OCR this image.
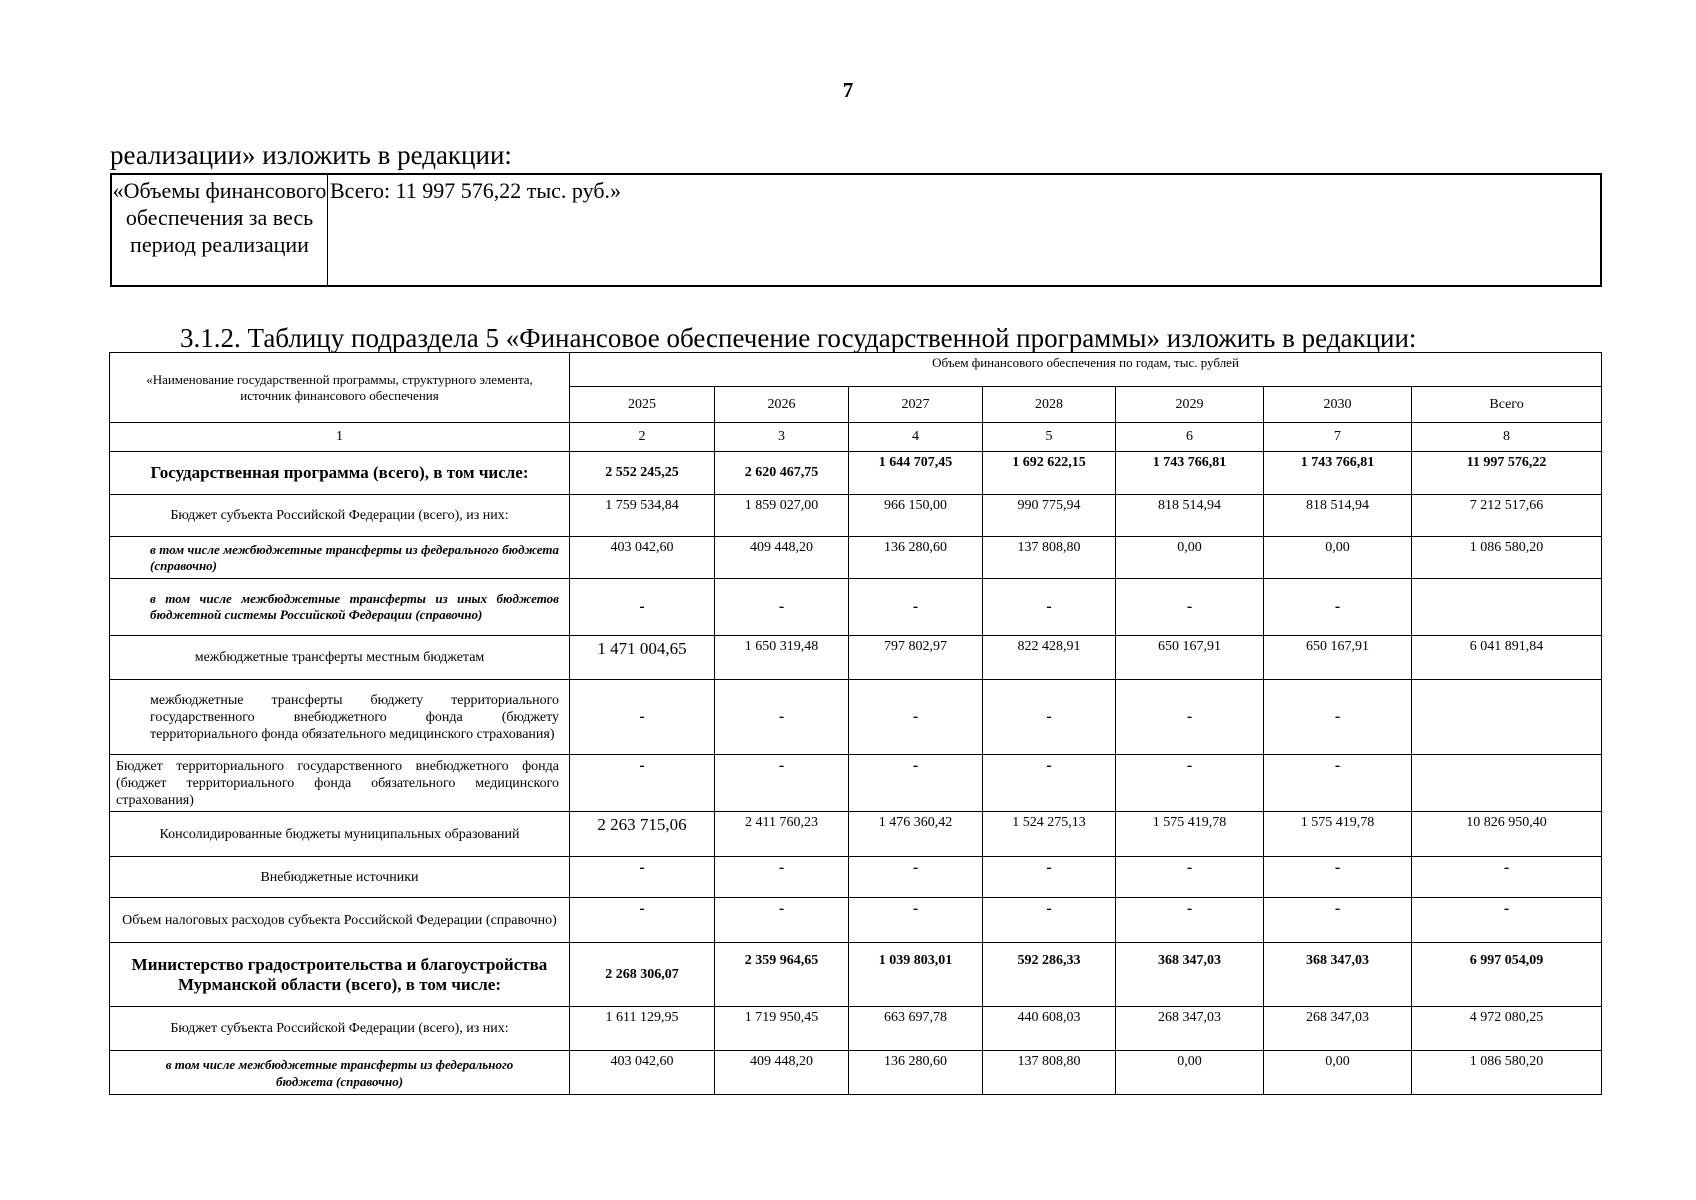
7
реализации» изложить в редакции:
«Объемы финансового обеспечения за весь период реализации	Всего: 11 997 576,22 тыс. руб.»
3.1.2. Таблицу подраздела 5 «Финансовое обеспечение государственной программы» изложить в редакции:
«Наименование государственной программы, структурного элемента, источник финансового обеспечения	Объем финансового обеспечения по годам, тыс. рублей						
	2025	2026	2027	2028	2029	2030	Всего
1	2	3	4	5	6	7	8
Государственная программа (всего), в том числе:	2 552 245,25	2 620 467,75	1 644 707,45	1 692 622,15	1 743 766,81	1 743 766,81	11 997 576,22
Бюджет субъекта Российской Федерации (всего), из них:	1 759 534,84	1 859 027,00	966 150,00	990 775,94	818 514,94	818 514,94	7 212 517,66
в том числе межбюджетные трансферты из федерального бюджета (справочно)	403 042,60	409 448,20	136 280,60	137 808,80	0,00	0,00	1 086 580,20
в том числе межбюджетные трансферты из иных бюджетов бюджетной системы Российской Федерации (справочно)	-	-	-	-	-	-	
межбюджетные трансферты местным бюджетам	1 471 004,65	1 650 319,48	797 802,97	822 428,91	650 167,91	650 167,91	6 041 891,84
межбюджетные трансферты бюджету территориального государственного внебюджетного фонда (бюджету территориального фонда обязательного медицинского страхования)	-	-	-	-	-	-	
Бюджет территориального государственного внебюджетного фонда (бюджет территориального фонда обязательного медицинского страхования)	-	-	-	-	-	-	
Консолидированные бюджеты муниципальных образований	2 263 715,06	2 411 760,23	1 476 360,42	1 524 275,13	1 575 419,78	1 575 419,78	10 826 950,40
Внебюджетные источники	-	-	-	-	-	-	-
Объем налоговых расходов субъекта Российской Федерации (справочно)	-	-	-	-	-	-	-
Министерство градостроительства и благоустройства Мурманской области (всего), в том числе:	2 268 306,07	2 359 964,65	1 039 803,01	592 286,33	368 347,03	368 347,03	6 997 054,09
Бюджет субъекта Российской Федерации (всего), из них:	1 611 129,95	1 719 950,45	663 697,78	440 608,03	268 347,03	268 347,03	4 972 080,25
в том числе межбюджетные трансферты из федерального бюджета (справочно)	403 042,60	409 448,20	136 280,60	137 808,80	0,00	0,00	1 086 580,20
